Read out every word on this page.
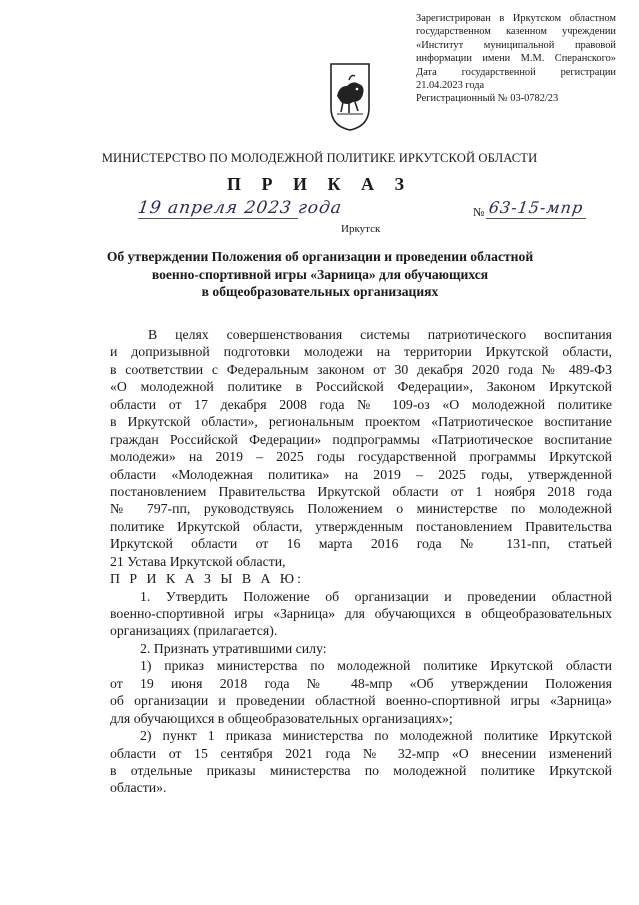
Зарегистрирован в Иркутском областном
государственном казенном учреждении
«Институт муниципальной правовой
информации имени М.М. Сперанского»
Дата государственной регистрации
21.04.2023 года
Регистрационный № 03-0782/23
МИНИСТЕРСТВО ПО МОЛОДЕЖНОЙ ПОЛИТИКЕ ИРКУТСКОЙ ОБЛАСТИ
П Р И К А З
19 апреля 2023 года
Иркутск
№ 63-15-мпр
Об утверждении Положения об организации и проведении областной
военно-спортивной игры «Зарница» для обучающихся
в общеобразовательных организациях
В целях совершенствования системы патриотического воспитания
и допризывной подготовки молодежи на территории Иркутской области,
в соответствии с Федеральным законом от 30 декабря 2020 года № 489-ФЗ
«О молодежной политике в Российской Федерации», Законом Иркутской
области от 17 декабря 2008 года № 109-оз «О молодежной политике
в Иркутской области», региональным проектом «Патриотическое воспитание
граждан Российской Федерации» подпрограммы «Патриотическое воспитание
молодежи» на 2019 – 2025 годы государственной программы Иркутской
области «Молодежная политика» на 2019 – 2025 годы, утвержденной
постановлением Правительства Иркутской области от 1 ноября 2018 года
№ 797-пп, руководствуясь Положением о министерстве по молодежной
политике Иркутской области, утвержденным постановлением Правительства
Иркутской области от 16 марта 2016 года № 131-пп, статьей
21 Устава Иркутской области,
П Р И К А З Ы В А Ю:
1. Утвердить Положение об организации и проведении областной
военно-спортивной игры «Зарница» для обучающихся в общеобразовательных
организациях (прилагается).
2. Признать утратившими силу:
1) приказ министерства по молодежной политике Иркутской области
от 19 июня 2018 года № 48-мпр «Об утверждении Положения
об организации и проведении областной военно-спортивной игры «Зарница»
для обучающихся в общеобразовательных организациях»;
2) пункт 1 приказа министерства по молодежной политике Иркутской
области от 15 сентября 2021 года № 32-мпр «О внесении изменений
в отдельные приказы министерства по молодежной политике Иркутской
области».
